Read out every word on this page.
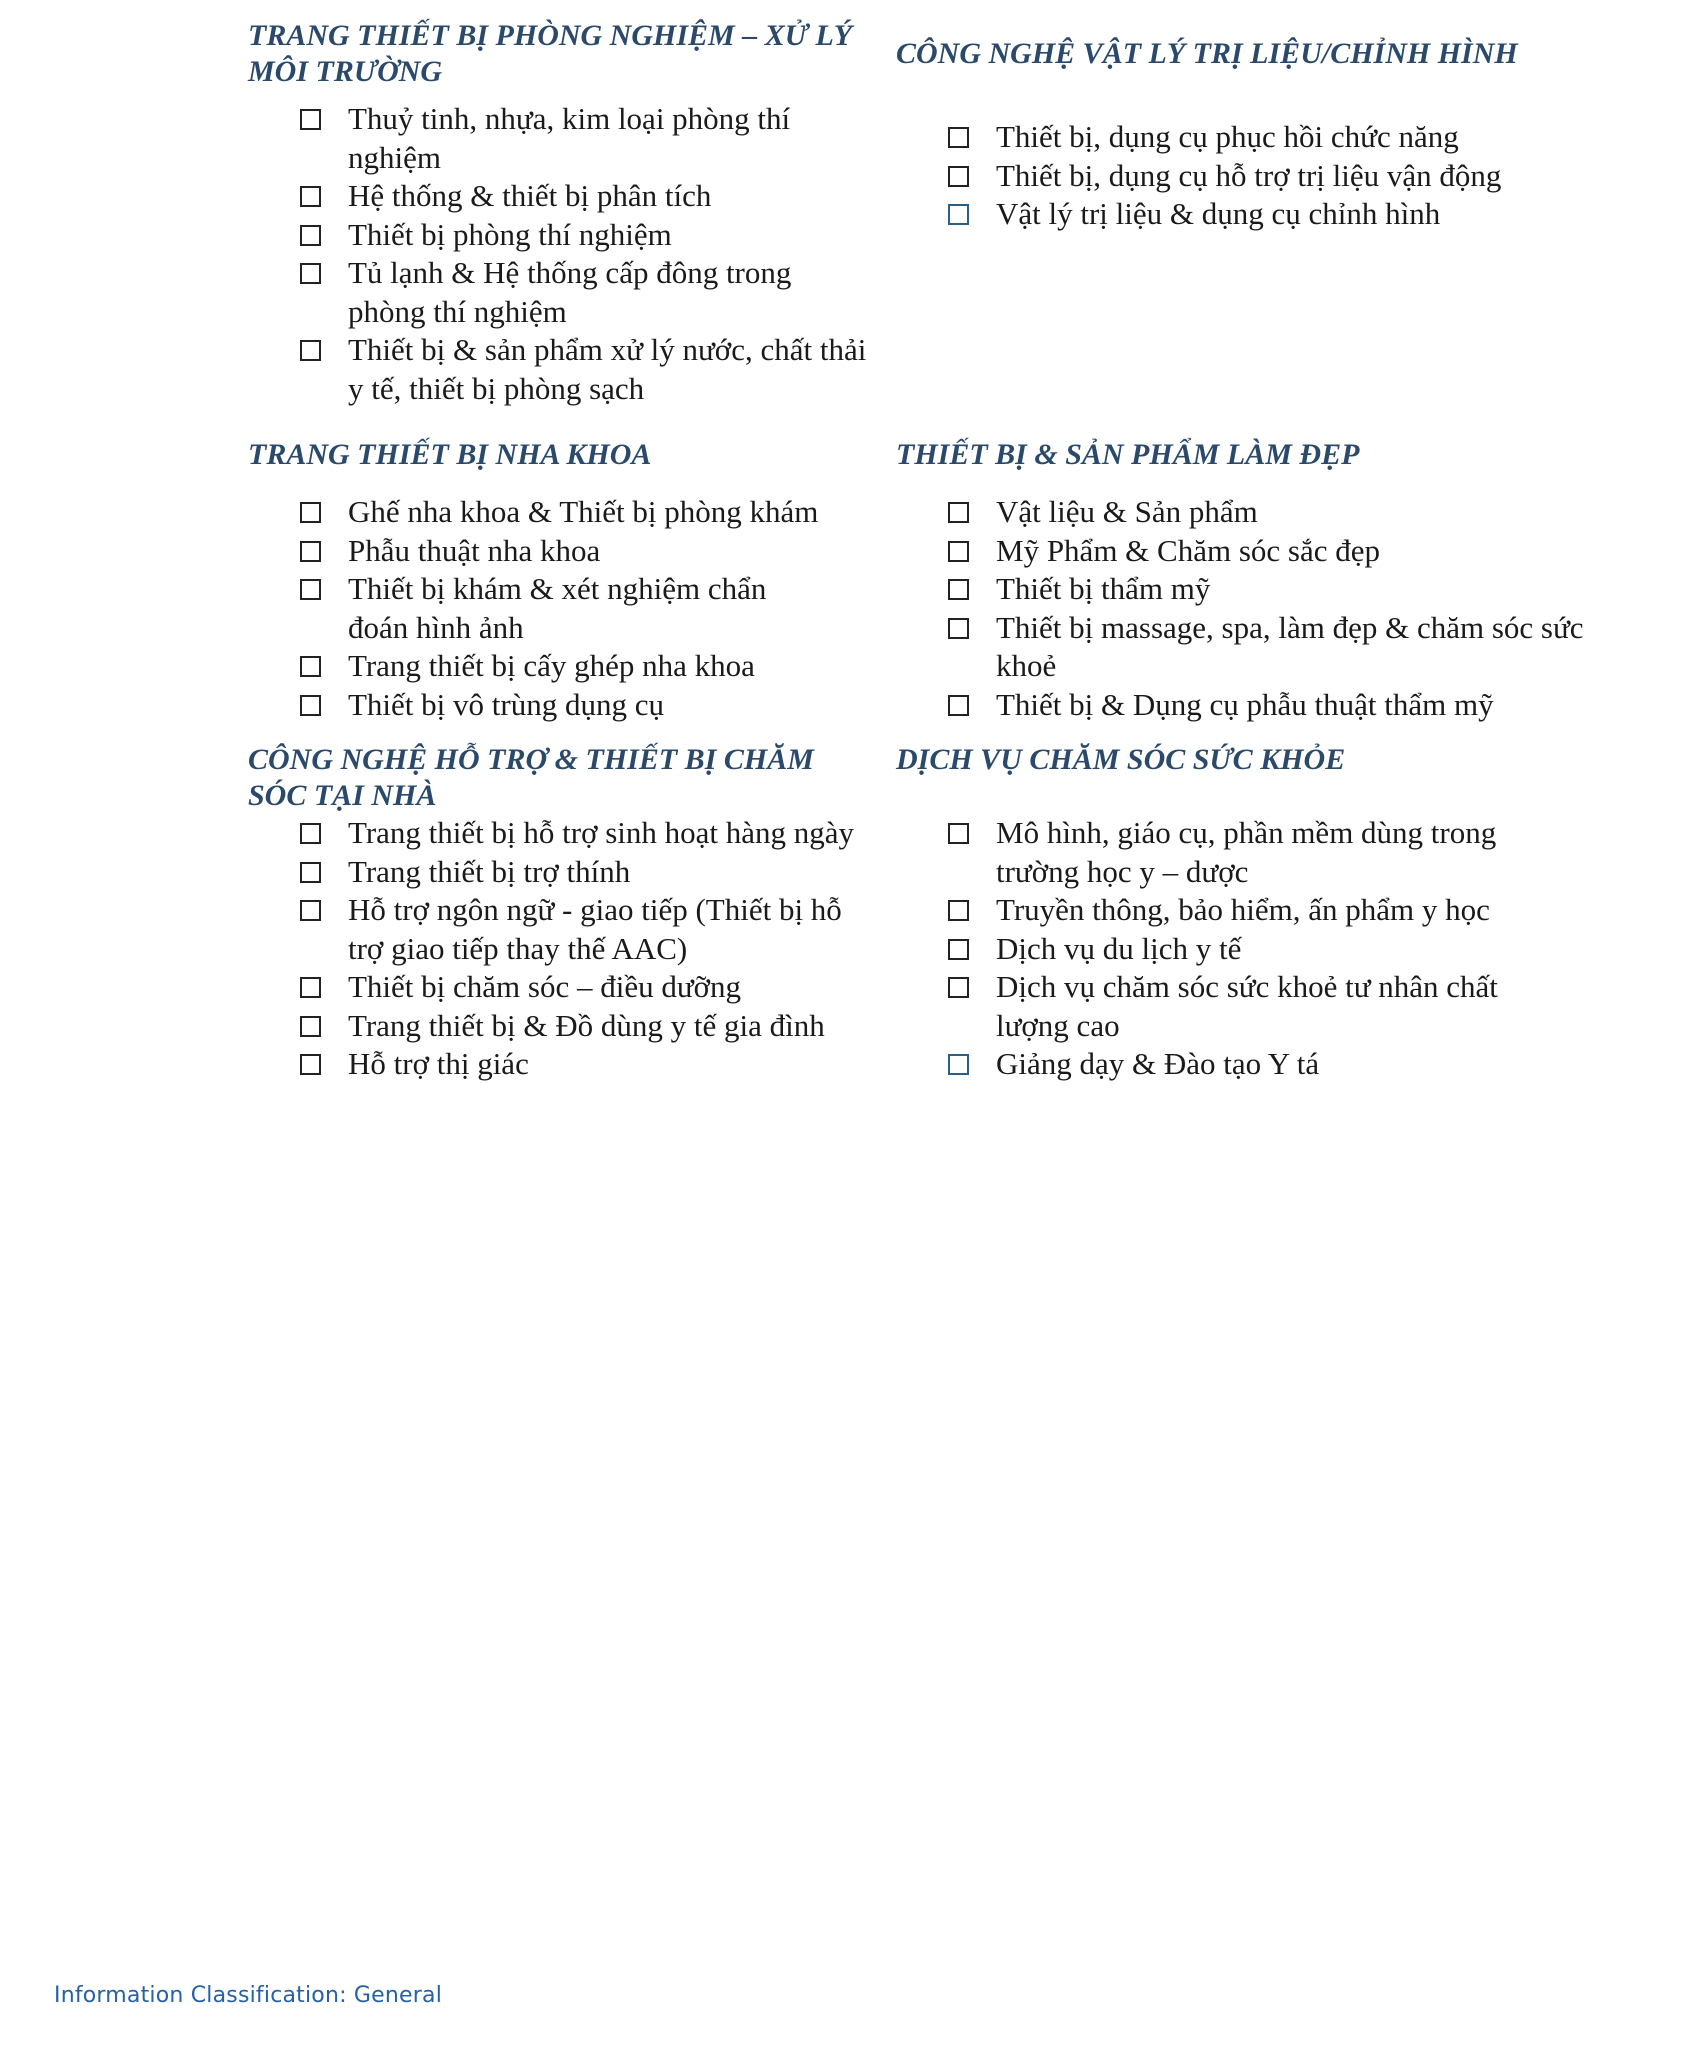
TRANG THIẾT BỊ PHÒNG NGHIỆM – XỬ LÝ MÔI TRƯỜNG
Thuỷ tinh, nhựa, kim loại phòng thí nghiệm
Hệ thống & thiết bị phân tích
Thiết bị phòng thí nghiệm
Tủ lạnh & Hệ thống cấp đông trong phòng thí nghiệm
Thiết bị & sản phẩm xử lý nước, chất thải y tế, thiết bị phòng sạch
CÔNG NGHỆ VẬT LÝ TRỊ LIỆU/CHỈNH HÌNH
Thiết bị, dụng cụ phục hồi chức năng
Thiết bị, dụng cụ hỗ trợ trị liệu vận động
Vật lý trị liệu & dụng cụ chỉnh hình
TRANG THIẾT BỊ NHA KHOA
Ghế nha khoa & Thiết bị phòng khám
Phẫu thuật nha khoa
Thiết bị khám & xét nghiệm chẩn đoán hình ảnh
Trang thiết bị cấy ghép nha khoa
Thiết bị vô trùng dụng cụ
THIẾT BỊ & SẢN PHẨM LÀM ĐẸP
Vật liệu & Sản phẩm
Mỹ Phẩm & Chăm sóc sắc đẹp
Thiết bị thẩm mỹ
Thiết bị massage, spa, làm đẹp & chăm sóc sức khoẻ
Thiết bị & Dụng cụ phẫu thuật thẩm mỹ
CÔNG NGHỆ HỖ TRỢ & THIẾT BỊ CHĂM SÓC TẠI NHÀ
Trang thiết bị hỗ trợ sinh hoạt hàng ngày
Trang thiết bị trợ thính
Hỗ trợ ngôn ngữ - giao tiếp (Thiết bị hỗ trợ giao tiếp thay thế AAC)
Thiết bị chăm sóc – điều dưỡng
Trang thiết bị & Đồ dùng y tế gia đình
Hỗ trợ thị giác
DỊCH VỤ CHĂM SÓC SỨC KHỎE
Mô hình, giáo cụ, phần mềm dùng trong trường học y – dược
Truyền thông, bảo hiểm, ấn phẩm y học
Dịch vụ du lịch y tế
Dịch vụ chăm sóc sức khoẻ tư nhân chất lượng cao
Giảng dạy & Đào tạo Y tá
Information Classification: General
